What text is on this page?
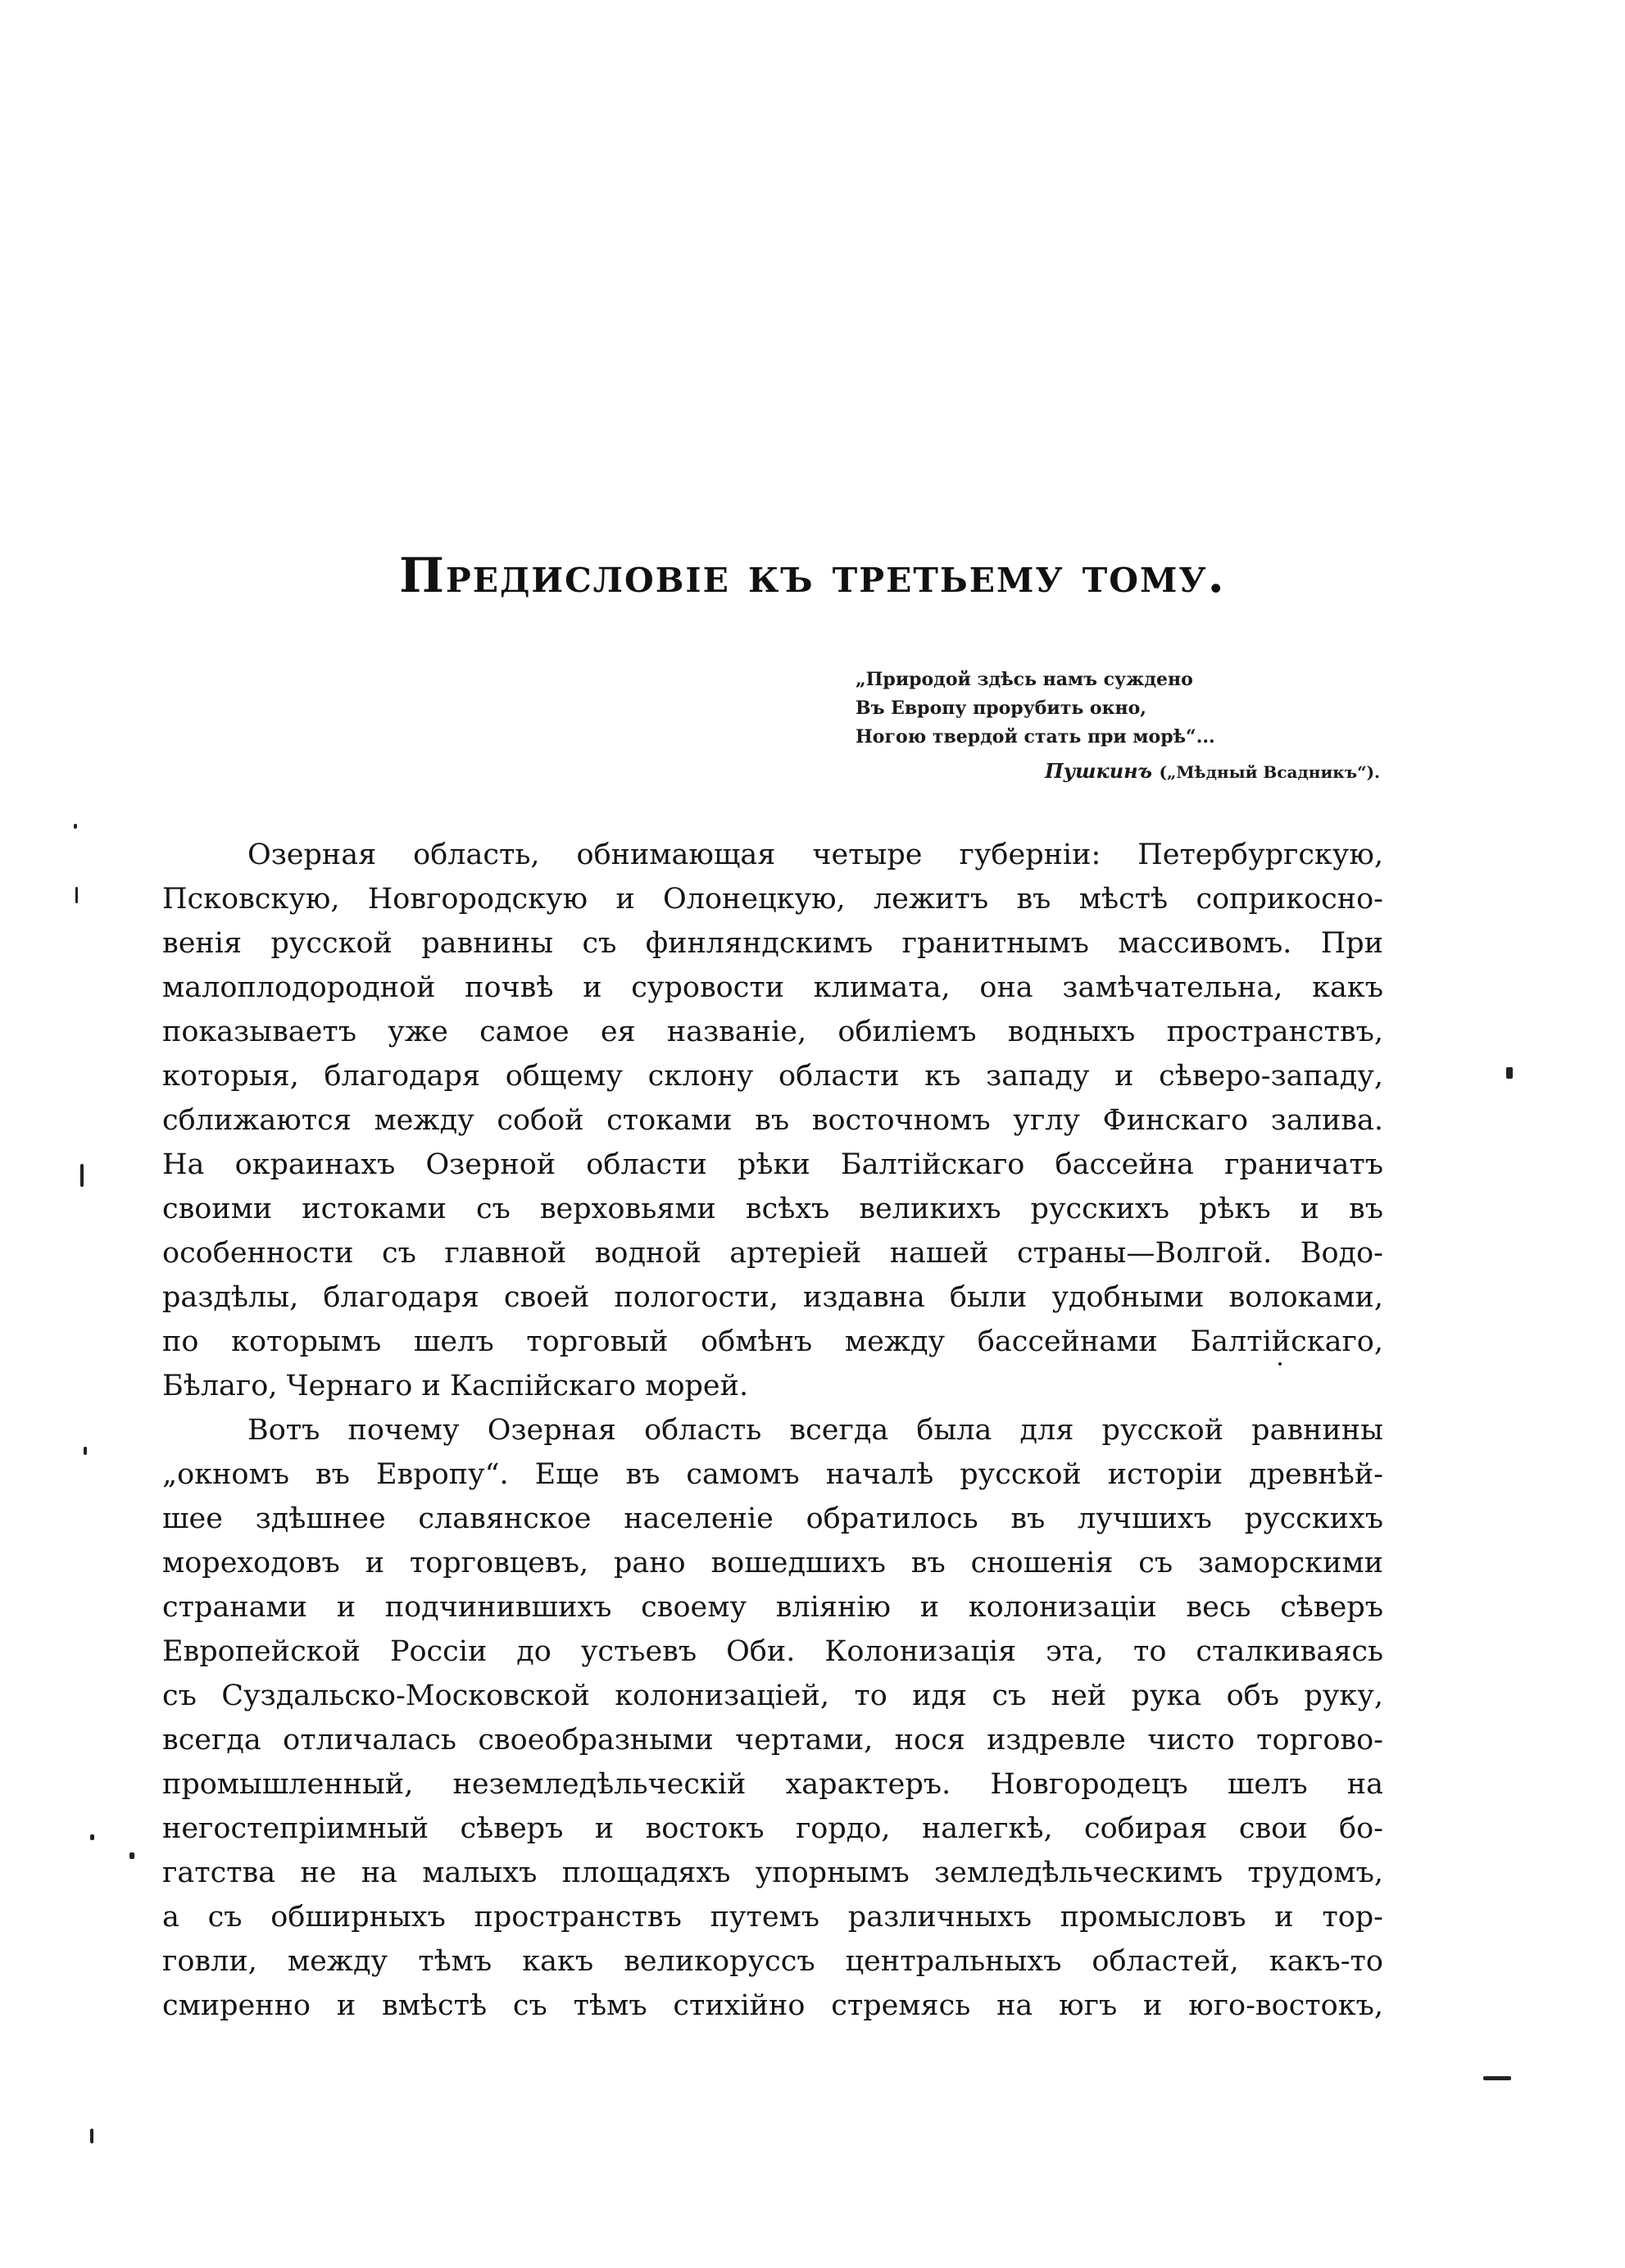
Предисловіе къ третьему тому.
„Природой здѣсь намъ суждено
Въ Европу прорубить окно,
Ногою твердой стать при морѣ“...
Пушкинъ („Мѣдный Всадникъ“).
Озерная область, обнимающая четыре губерніи: Петербургскую,
Псковскую, Новгородскую и Олонецкую, лежитъ въ мѣстѣ соприкосно-
венія русской равнины съ финляндскимъ гранитнымъ массивомъ. При
малоплодородной почвѣ и суровости климата, она замѣчательна, какъ
показываетъ уже самое ея названіе, обиліемъ водныхъ пространствъ,
которыя, благодаря общему склону области къ западу и сѣверо-западу,
сближаются между собой стоками въ восточномъ углу Финскаго залива.
На окраинахъ Озерной области рѣки Балтійскаго бассейна граничатъ
своими истоками съ верховьями всѣхъ великихъ русскихъ рѣкъ и въ
особенности съ главной водной артеріей нашей страны—Волгой. Водо-
раздѣлы, благодаря своей пологости, издавна были удобными волоками,
по которымъ шелъ торговый обмѣнъ между бассейнами Балтійскаго,
Бѣлаго, Чернаго и Каспійскаго морей.
Вотъ почему Озерная область всегда была для русской равнины
„окномъ въ Европу“. Еще въ самомъ началѣ русской исторіи древнѣй-
шее здѣшнее славянское населеніе обратилось въ лучшихъ русскихъ
мореходовъ и торговцевъ, рано вошедшихъ въ сношенія съ заморскими
странами и подчинившихъ своему вліянію и колонизаціи весь сѣверъ
Европейской Россіи до устьевъ Оби. Колонизація эта, то сталкиваясь
съ Суздальско-Московской колонизаціей, то идя съ ней рука объ руку,
всегда отличалась своеобразными чертами, нося издревле чисто торгово-
промышленный, неземледѣльческій характеръ. Новгородецъ шелъ на
негостепріимный сѣверъ и востокъ гордо, налегкѣ, собирая свои бо-
гатства не на малыхъ площадяхъ упорнымъ земледѣльческимъ трудомъ,
а съ обширныхъ пространствъ путемъ различныхъ промысловъ и тор-
говли, между тѣмъ какъ великоруссъ центральныхъ областей, какъ-то
смиренно и вмѣстѣ съ тѣмъ стихійно стремясь на югъ и юго-востокъ,
